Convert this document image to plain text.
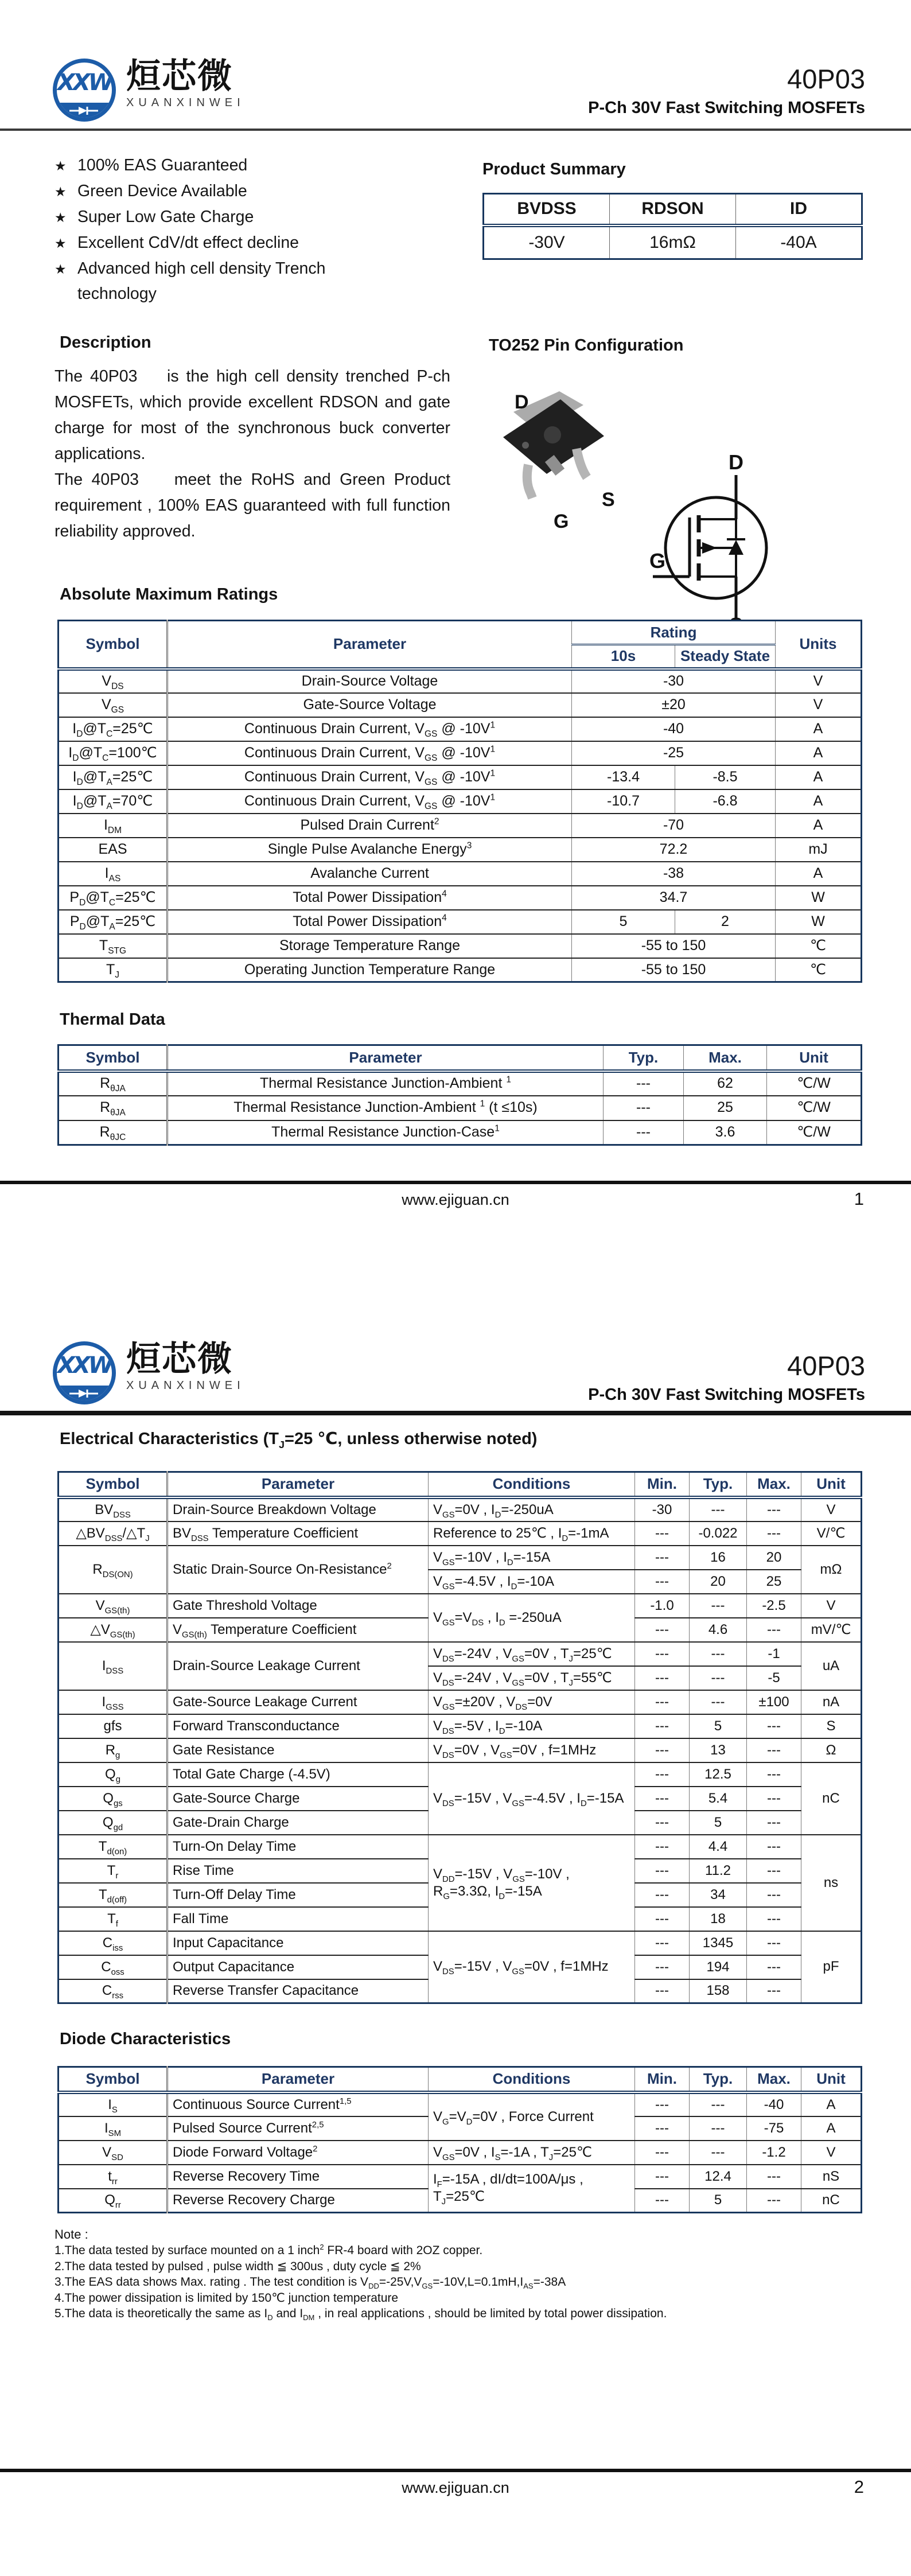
XXW 烜芯微
XUANXINWEI
40P03
P-Ch 30V Fast Switching MOSFETs
★ 100% EAS Guaranteed
★ Green Device Available
★ Super Low Gate Charge
★ Excellent CdV/dt effect decline
★ Advanced high cell density Trench technology
Product Summary
BVDSS	RDSON	ID
-30V	16mΩ	-40A
Description

The 40P03    is the high cell density trenched P-ch MOSFETs, which provide excellent RDSON and gate charge for most of the synchronous buck converter applications.

The 40P03    meet the RoHS and Green Product requirement , 100% EAS guaranteed with full function reliability approved.

TO252 Pin Configuration
D
G
S
D
G
Absolute Maximum Ratings
Symbol	Parameter	Rating		Units
		10s	Steady State	
$V_{DS}$	Drain-Source Voltage	-30		V
$V_{GS}$	Gate-Source Voltage	±20		V
$I_D@T_C=25℃$	Continuous Drain Current, $V_{GS}$ @ $-10V^1$	-40		A
$I_D@T_C=100℃$	Continuous Drain Current, $V_{GS}$ @ $-10V^1$	-25		A
$I_D@T_A=25℃$	Continuous Drain Current, $V_{GS}$ @ $-10V^1$	-13.4	-8.5	A
$I_D@T_A=70℃$	Continuous Drain Current, $V_{GS}$ @ $-10V^1$	-10.7	-6.8	A
$I_{DM}$	Pulsed Drain Current$^2$	-70		A
EAS	Single Pulse Avalanche Energy$^3$	72.2		mJ
$I_{AS}$	Avalanche Current	-38		A
$P_D@T_C=25℃$	Total Power Dissipation$^4$	34.7		W
$P_D@T_A=25℃$	Total Power Dissipation$^4$	5	2	W
$T_{STG}$	Storage Temperature Range	-55 to 150		℃
$T_J$	Operating Junction Temperature Range	-55 to 150		℃
Thermal Data
Symbol	Parameter	Typ.	Max.	Unit
$R_{\theta JA}$	Thermal Resistance Junction-Ambient $^1$	---	62	℃/W
$R_{\theta JA}$	Thermal Resistance Junction-Ambient $^1$ (t ≤10s)	---	25	℃/W
$R_{\theta JC}$	Thermal Resistance Junction-Case$^1$	---	3.6	℃/W
www.ejiguan.cn	1
XXW 烜芯微
XUANXINWEI
40P03
P-Ch 30V Fast Switching MOSFETs
Electrical Characteristics ($T_J=25$ ℃, unless otherwise noted)
Symbol	Parameter	Conditions	Min.	Typ.	Max.	Unit
$BV_{DSS}$	Drain-Source Breakdown Voltage	$V_{GS}=0V$ , $I_D=-250uA$	-30	---	---	V
$\triangle BV_{DSS}/\triangle T_J$	$BV_{DSS}$ Temperature Coefficient	Reference to 25℃ , $I_D=-1mA$	---	-0.022	---	V/℃
$R_{DS(ON)}$	Static Drain-Source On-Resistance$^2$	$V_{GS}=-10V$ , $I_D=-15A$	---	16	20	mΩ
		$V_{GS}=-4.5V$ , $I_D=-10A$	---	20	25	
$V_{GS(th)}$	Gate Threshold Voltage	$V_{GS}=V_{DS}$ , $I_D =-250uA$	-1.0	---	-2.5	V
$\triangle V_{GS(th)}$	$V_{GS(th)}$ Temperature Coefficient		---	4.6	---	mV/℃
$I_{DSS}$	Drain-Source Leakage Current	$V_{DS}=-24V$ , $V_{GS}=0V$ , $T_J=25℃$	---	---	-1	uA
		$V_{DS}=-24V$ , $V_{GS}=0V$ , $T_J=55℃$	---	---	-5	
$I_{GSS}$	Gate-Source Leakage Current	$V_{GS}=\pm 20V$ , $V_{DS}=0V$	---	---	±100	nA
gfs	Forward Transconductance	$V_{DS}=-5V$ , $I_D=-10A$	---	5	---	S
$R_g$	Gate Resistance	$V_{DS}=0V$ , $V_{GS}=0V$ , f=1MHz	---	13	---	Ω
$Q_g$	Total Gate Charge (-4.5V)	$V_{DS}=-15V$ , $V_{GS}=-4.5V$ , $I_D=-15A$	---	12.5	---	nC
$Q_{gs}$	Gate-Source Charge		---	5.4	---	
$Q_{gd}$	Gate-Drain Charge		---	5	---	
$T_{d(on)}$	Turn-On Delay Time	$V_{DD}=-15V$ , $V_{GS}=-10V$ , $R_G=3.3\Omega$, $I_D=-15A$	---	4.4	---	ns
$T_r$	Rise Time		---	11.2	---	
$T_{d(off)}$	Turn-Off Delay Time		---	34	---	
$T_f$	Fall Time		---	18	---	
$C_{iss}$	Input Capacitance	$V_{DS}=-15V$ , $V_{GS}=0V$ , f=1MHz	---	1345	---	pF
$C_{oss}$	Output Capacitance		---	194	---	
$C_{rss}$	Reverse Transfer Capacitance		---	158	---	
Diode Characteristics
Symbol	Parameter	Conditions	Min.	Typ.	Max.	Unit
$I_S$	Continuous Source Current$^{1,5}$	$V_G=V_D=0V$ , Force Current	---	---	-40	A
$I_{SM}$	Pulsed Source Current$^{2,5}$		---	---	-75	A
$V_{SD}$	Diode Forward Voltage$^2$	$V_{GS}=0V$ , $I_S=-1A$ , $T_J=25℃$	---	---	-1.2	V
$t_{rr}$	Reverse Recovery Time	$I_F=-15A$ , dI/dt=100A/μs , $T_J=25℃$	---	12.4	---	nS
$Q_{rr}$	Reverse Recovery Charge		---	5	---	nC
Note :
1.The data tested by surface mounted on a 1 inch$^2$ FR-4 board with 2OZ copper.
2.The data tested by pulsed , pulse width ≦ 300us , duty cycle ≦ 2%
3.The EAS data shows Max. rating . The test condition is $V_{DD}=-25V,V_{GS}=-10V,L=0.1mH,I_{AS}=-38A$
4.The power dissipation is limited by 150℃ junction temperature
5.The data is theoretically the same as $I_D$ and $I_{DM}$ , in real applications , should be limited by total power dissipation.
www.ejiguan.cn	2
